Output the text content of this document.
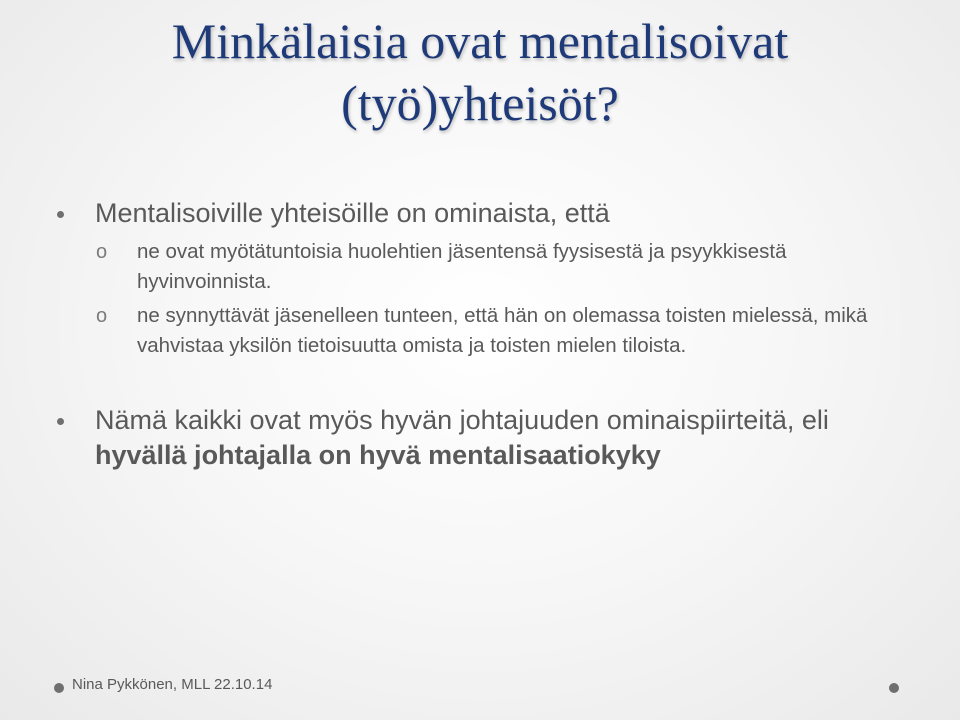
Minkälaisia ovat mentalisoivat (työ)yhteisöt?
Mentalisoiville yhteisöille on ominaista, että
o ne ovat myötätuntoisia huolehtien jäsentensä fyysisestä ja psyykkisestä hyvinvoinnista.
o ne synnyttävät jäsenelleen tunteen, että hän on olemassa toisten mielessä, mikä vahvistaa yksilön tietoisuutta omista ja toisten mielen tiloista.
Nämä kaikki ovat myös hyvän johtajuuden ominaispiirteitä, eli hyvällä johtajalla on hyvä mentalisaatiokyky
Nina Pykkönen, MLL 22.10.14
